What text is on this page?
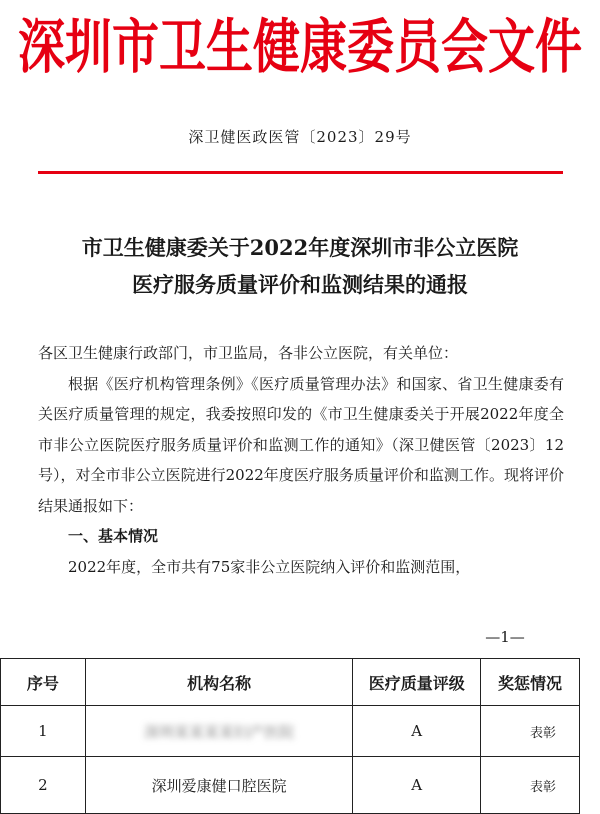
深圳市卫生健康委员会文件
深卫健医政医管〔2023〕29号
市卫生健康委关于2022年度深圳市非公立医院
医疗服务质量评价和监测结果的通报

各区卫生健康行政部门，市卫监局，各非公立医院，有关单位：

根据《医疗机构管理条例》《医疗质量管理办法》和国家、省卫生健康委有关医疗质量管理的规定，我委按照印发的《市卫生健康委关于开展2022年度全市非公立医院医疗服务质量评价和监测工作的通知》（深卫健医管〔2023〕12号），对全市非公立医院进行2022年度医疗服务质量评价和监测工作。现将评价结果通报如下：

一、基本情况

2022年度，全市共有75家非公立医院纳入评价和监测范围，

—1—
序号	机构名称	医疗质量评级	奖惩情况
1	深圳某某某某妇产医院	A	表彰
2	深圳爱康健口腔医院	A	表彰
